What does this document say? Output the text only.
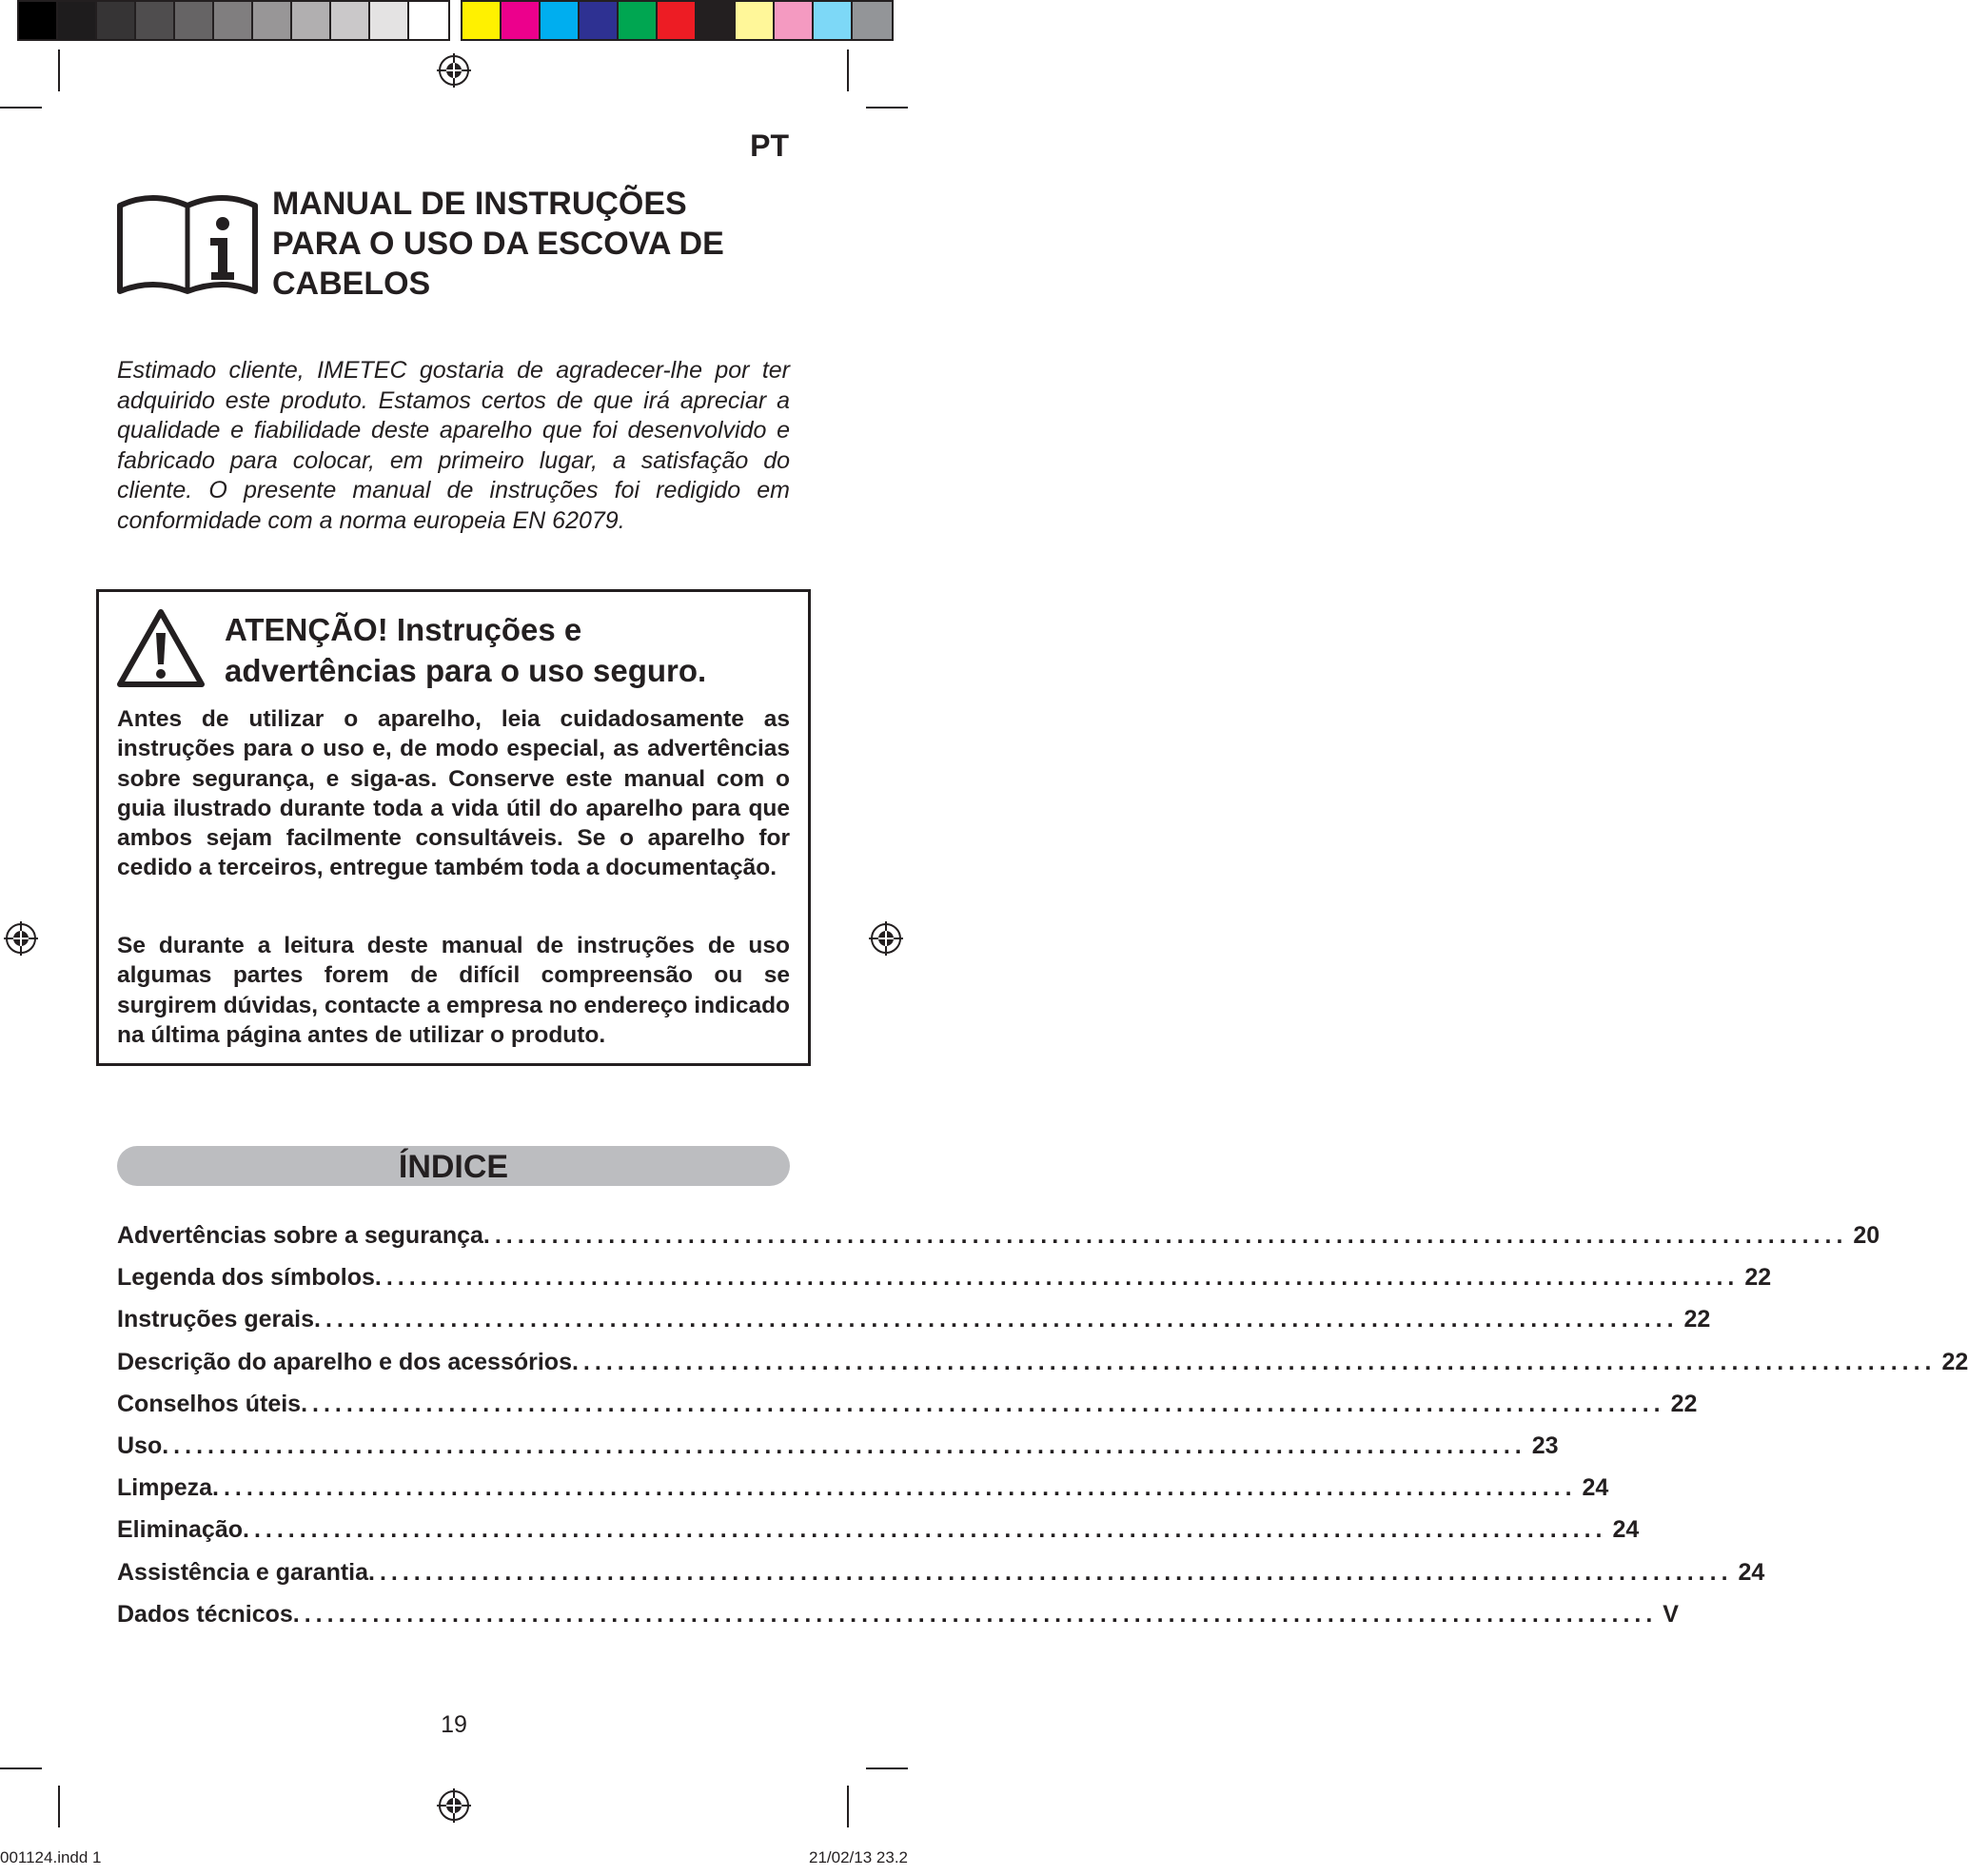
PT
MANUAL DE INSTRUÇÕES
PARA O USO DA ESCOVA DE
CABELOS
Estimado cliente, IMETEC gostaria de agradecer-lhe por ter adquirido este produto. Estamos certos de que irá apreciar a qualidade e fiabilidade deste aparelho que foi desenvolvido e fabricado para colocar, em primeiro lugar, a satisfação do cliente. O presente manual de instruções foi redigido em conformidade com a norma europeia EN 62079.
ATENÇÃO! Instruções e
advertências para o uso seguro.
Antes de utilizar o aparelho, leia cuidadosamente as instruções para o uso e, de modo especial, as advertências sobre segurança, e siga-as. Conserve este manual com o guia ilustrado durante toda a vida útil do aparelho para que ambos sejam facilmente consultáveis. Se o aparelho for cedido a terceiros, entregue também toda a documentação.
Se durante a leitura deste manual de instruções de uso algumas partes forem de difícil compreensão ou se surgirem dúvidas, contacte a empresa no endereço indicado na última página antes de utilizar o produto.
ÍNDICE
Advertências sobre a segurança ........................................................................................................................ 20
Legenda dos símbolos ........................................................................................................................ 22
Instruções gerais ........................................................................................................................ 22
Descrição do aparelho e dos acessórios ........................................................................................................................ 22
Conselhos úteis ........................................................................................................................ 22
Uso ........................................................................................................................ 23
Limpeza ........................................................................................................................ 24
Eliminação ........................................................................................................................ 24
Assistência e garantia ........................................................................................................................ 24
Dados técnicos ........................................................................................................................ V
19
001124.indd 1	21/02/13 23.2
